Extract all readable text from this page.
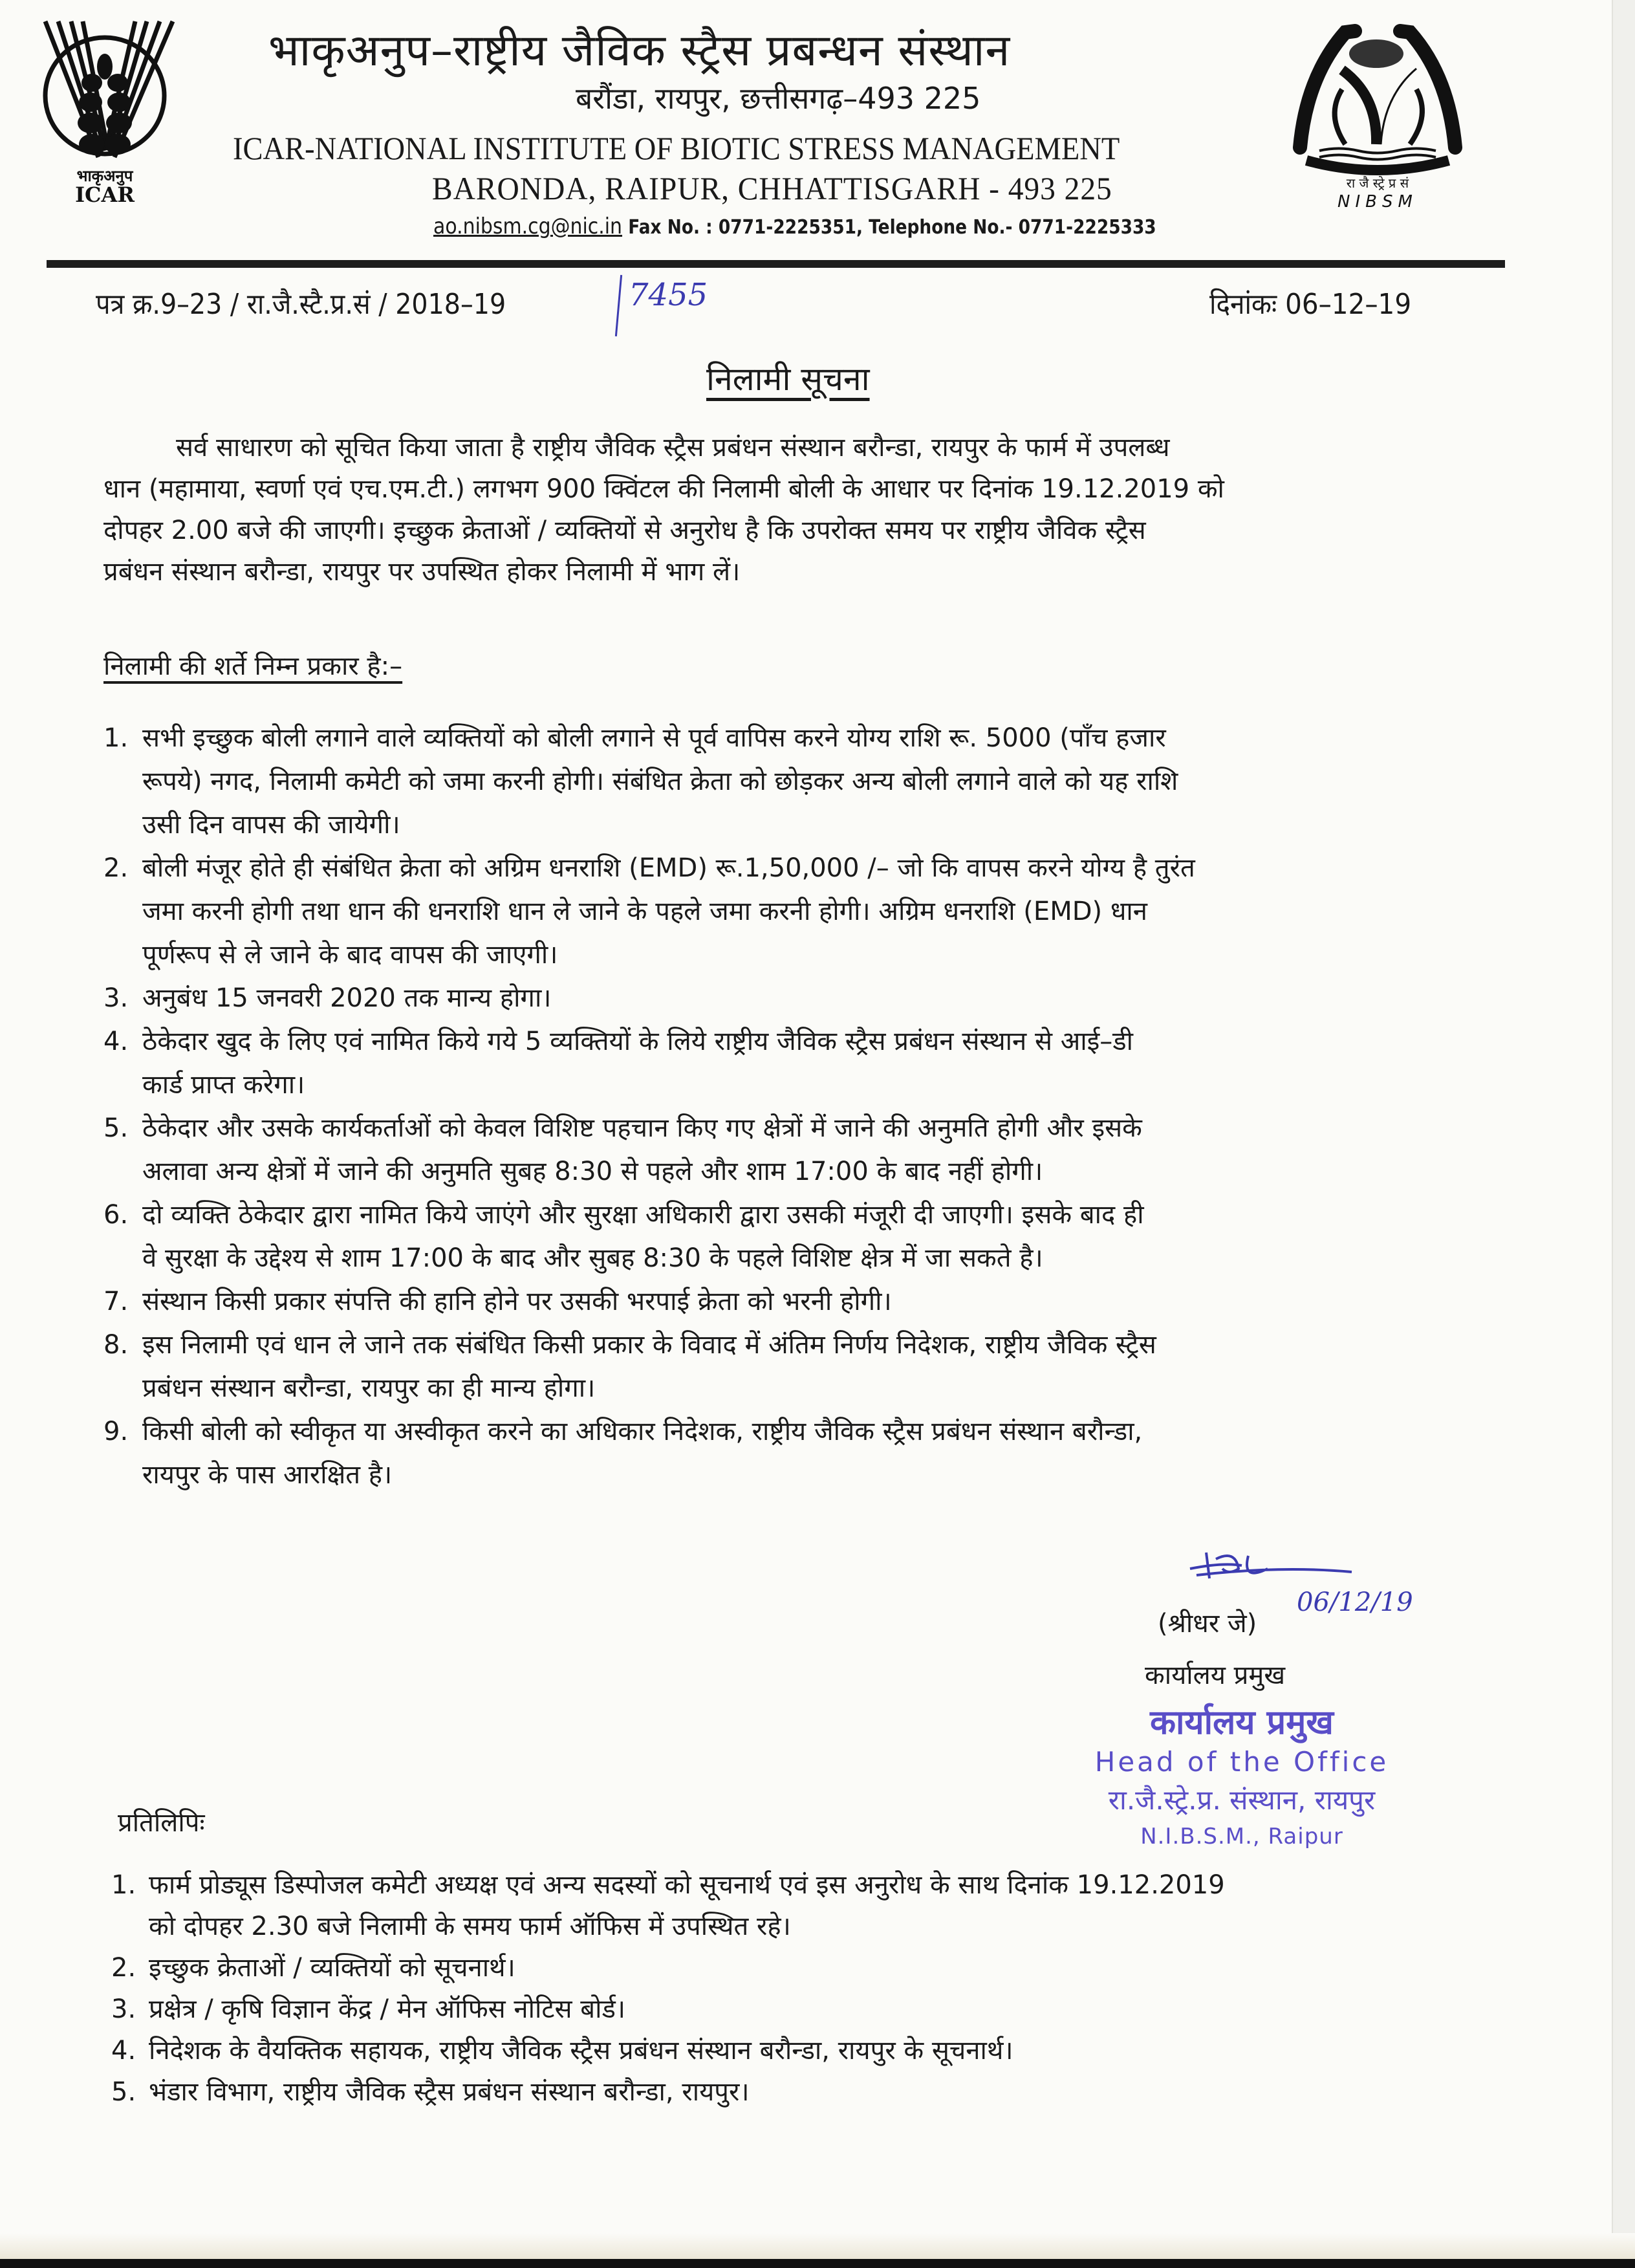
भाकृअनुप
ICAR	रा जै स्ट्रे प्र सं
NIBSM
भाकृअनुप–राष्ट्रीय जैविक स्ट्रैस प्रबन्धन संस्थान
बरौंडा, रायपुर, छत्तीसगढ़–493 225
ICAR-NATIONAL INSTITUTE OF BIOTIC STRESS MANAGEMENT
BARONDA, RAIPUR, CHHATTISGARH - 493 225
ao.nibsm.cg@nic.in Fax No. : 0771-2225351, Telephone No.- 0771-2225333
पत्र क्र.9–23 / रा.जै.स्टै.प्र.सं / 2018–19	7455	दिनांकः 06–12–19
निलामी सूचना
सर्व साधारण को सूचित किया जाता है राष्ट्रीय जैविक स्ट्रैस प्रबंधन संस्थान बरौन्डा, रायपुर के फार्म में उपलब्ध
धान (महामाया, स्वर्णा एवं एच.एम.टी.) लगभग 900 क्विंटल की निलामी बोली के आधार पर दिनांक 19.12.2019 को
दोपहर 2.00 बजे की जाएगी। इच्छुक क्रेताओं / व्यक्तियों से अनुरोध है कि उपरोक्त समय पर राष्ट्रीय जैविक स्ट्रैस
प्रबंधन संस्थान बरौन्डा, रायपुर पर उपस्थित होकर निलामी में भाग लें।
निलामी की शर्ते निम्न प्रकार है:–
1. सभी इच्छुक बोली लगाने वाले व्यक्तियों को बोली लगाने से पूर्व वापिस करने योग्य राशि रू. 5000 (पाँच हजार
रूपये) नगद, निलामी कमेटी को जमा करनी होगी। संबंधित क्रेता को छोड़कर अन्य बोली लगाने वाले को यह राशि
उसी दिन वापस की जायेगी।
2. बोली मंजूर होते ही संबंधित क्रेता को अग्रिम धनराशि (EMD) रू.1,50,000 /– जो कि वापस करने योग्य है तुरंत
जमा करनी होगी तथा धान की धनराशि धान ले जाने के पहले जमा करनी होगी। अग्रिम धनराशि (EMD) धान
पूर्णरूप से ले जाने के बाद वापस की जाएगी।
3. अनुबंध 15 जनवरी 2020 तक मान्य होगा।
4. ठेकेदार खुद के लिए एवं नामित किये गये 5 व्यक्तियों के लिये राष्ट्रीय जैविक स्ट्रैस प्रबंधन संस्थान से आई–डी
कार्ड प्राप्त करेगा।
5. ठेकेदार और उसके कार्यकर्ताओं को केवल विशिष्ट पहचान किए गए क्षेत्रों में जाने की अनुमति होगी और इसके
अलावा अन्य क्षेत्रों में जाने की अनुमति सुबह 8:30 से पहले और शाम 17:00 के बाद नहीं होगी।
6. दो व्यक्ति ठेकेदार द्वारा नामित किये जाएंगे और सुरक्षा अधिकारी द्वारा उसकी मंजूरी दी जाएगी। इसके बाद ही
वे सुरक्षा के उद्देश्य से शाम 17:00 के बाद और सुबह 8:30 के पहले विशिष्ट क्षेत्र में जा सकते है।
7. संस्थान किसी प्रकार संपत्ति की हानि होने पर उसकी भरपाई क्रेता को भरनी होगी।
8. इस निलामी एवं धान ले जाने तक संबंधित किसी प्रकार के विवाद में अंतिम निर्णय निदेशक, राष्ट्रीय जैविक स्ट्रैस
प्रबंधन संस्थान बरौन्डा, रायपुर का ही मान्य होगा।
9. किसी बोली को स्वीकृत या अस्वीकृत करने का अधिकार निदेशक, राष्ट्रीय जैविक स्ट्रैस प्रबंधन संस्थान बरौन्डा,
रायपुर के पास आरक्षित है।
06/12/19
(श्रीधर जे)
कार्यालय प्रमुख
कार्यालय प्रमुख
Head of the Office
रा.जै.स्ट्रे.प्र. संस्थान, रायपुर
N.I.B.S.M., Raipur
प्रतिलिपिः
1. फार्म प्रोड्यूस डिस्पोजल कमेटी अध्यक्ष एवं अन्य सदस्यों को सूचनार्थ एवं इस अनुरोध के साथ दिनांक 19.12.2019
को दोपहर 2.30 बजे निलामी के समय फार्म ऑफिस में उपस्थित रहे।
2. इच्छुक क्रेताओं / व्यक्तियों को सूचनार्थ।
3. प्रक्षेत्र / कृषि विज्ञान केंद्र / मेन ऑफिस नोटिस बोर्ड।
4. निदेशक के वैयक्तिक सहायक, राष्ट्रीय जैविक स्ट्रैस प्रबंधन संस्थान बरौन्डा, रायपुर के सूचनार्थ।
5. भंडार विभाग, राष्ट्रीय जैविक स्ट्रैस प्रबंधन संस्थान बरौन्डा, रायपुर।
